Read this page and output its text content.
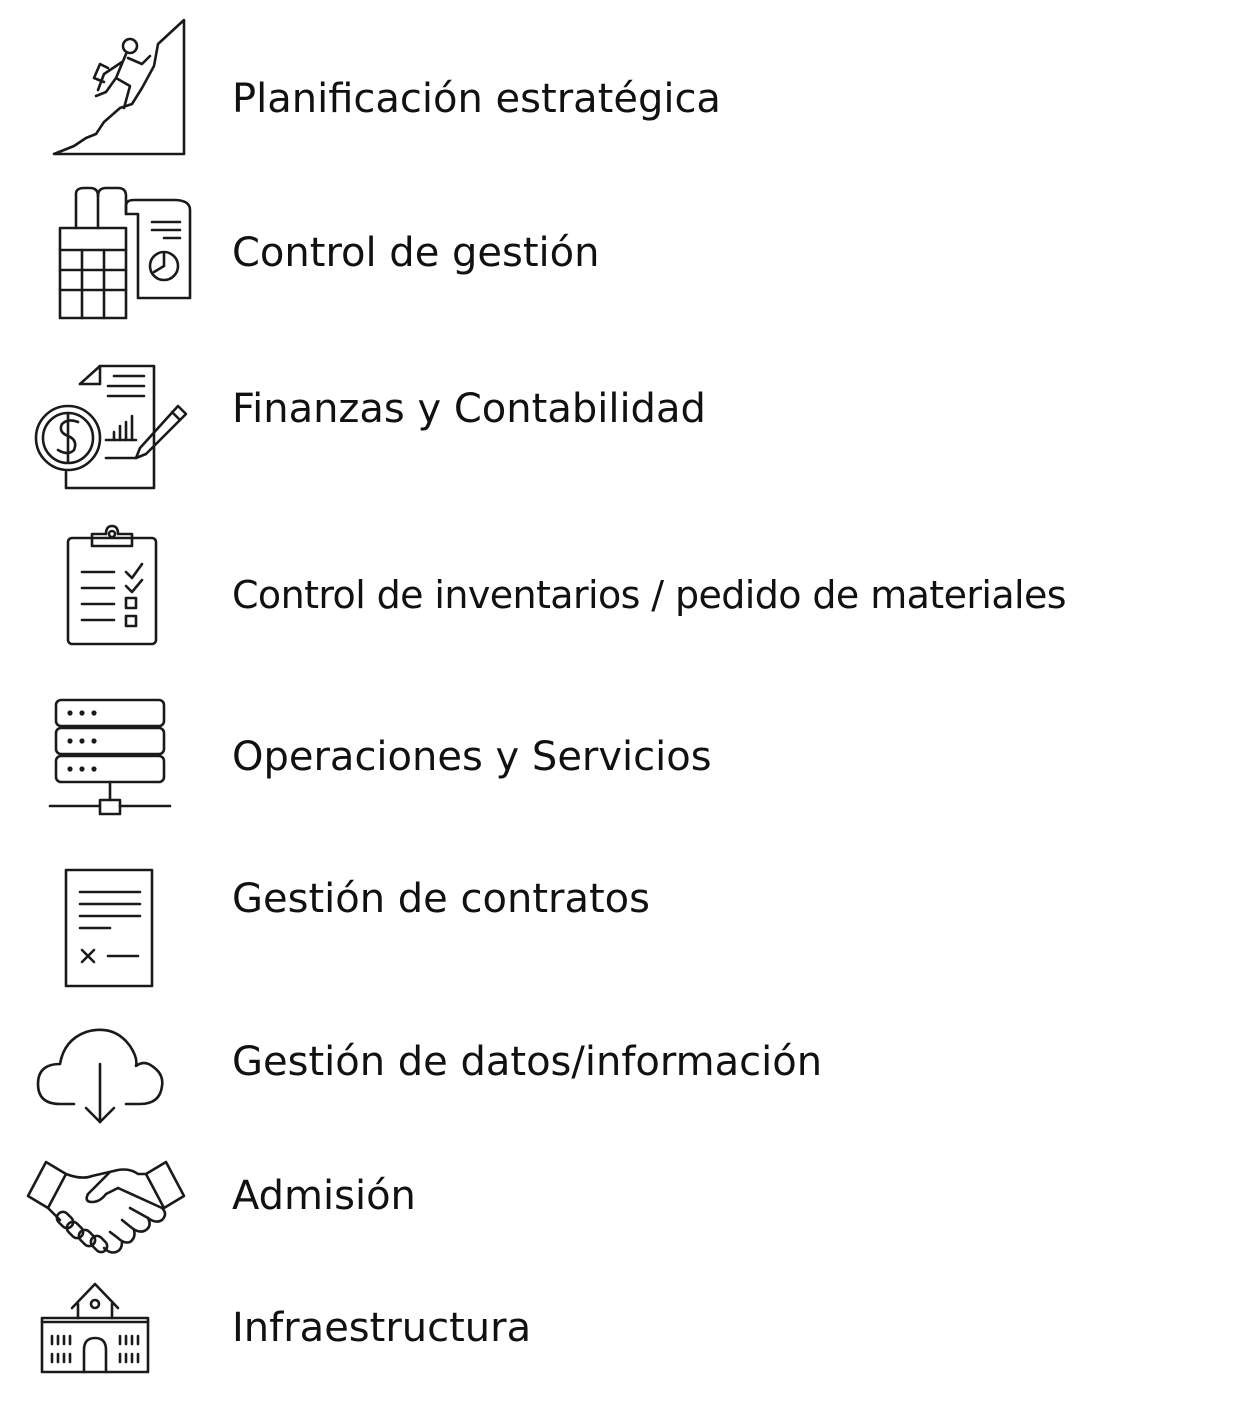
Planificación estratégica
Control de gestión
Finanzas y Contabilidad
Control de inventarios / pedido de materiales
Operaciones y Servicios
Gestión de contratos
Gestión de datos/información
Admisión
Infraestructura
